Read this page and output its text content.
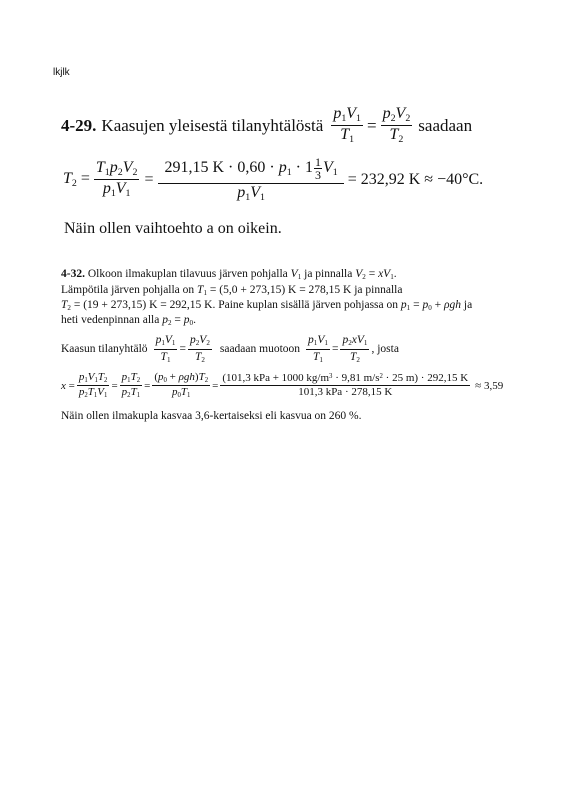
lkjlk
4-29. Kaasujen yleisestä tilanyhtälöstä $\frac{p_1V_1}{T_1} = \frac{p_2V_2}{T_2}$ saadaan
$T_2 = \frac{T_1p_2V_2}{p_1V_1} = \frac{291,15 K \cdot 0,60 \cdot p_1 \cdot 1 \frac{1}{3} V_1}{p_1V_1} = 232,92$ K ≈ −40°C.
Näin ollen vaihtoehto a on oikein.
4-32. Olkoon ilmakuplan tilavuus järven pohjalla $V_1$ ja pinnalla $V_2 = xV_1$.
Lämpötila järven pohjalla on $T_1 = (5,0 + 273,15) K = 278,15$ K ja pinnalla
$T_2 = (19 + 273,15) K = 292,15$ K. Paine kuplan sisällä järven pohjassa on $p_1 = p_0 + \rho gh$ ja
heti vedenpinnan alla $p_2 = p_0$.
Kaasun tilanyhtälö $\frac{p_1V_1}{T_1} = \frac{p_2V_2}{T_2}$ saadaan muotoon $\frac{p_1V_1}{T_1} = \frac{p_2xV_1}{T_2}$ , josta
$x = \frac{p_1V_1T_2}{p_2T_1V_1} = \frac{p_1T_2}{p_2T_1} = \frac{(p_0 + \rho gh)T_2}{p_0T_1} = \frac{(101,3 kPa + 1000 kg/m^3 \cdot 9,81 m/s^2 \cdot 25 m) \cdot 292,15 K}{\text{101,3 kPa · 278,15 K}} \approx 3,59$
Näin ollen ilmakupla kasvaa 3,6-kertaiseksi eli kasvua on 260 %.
